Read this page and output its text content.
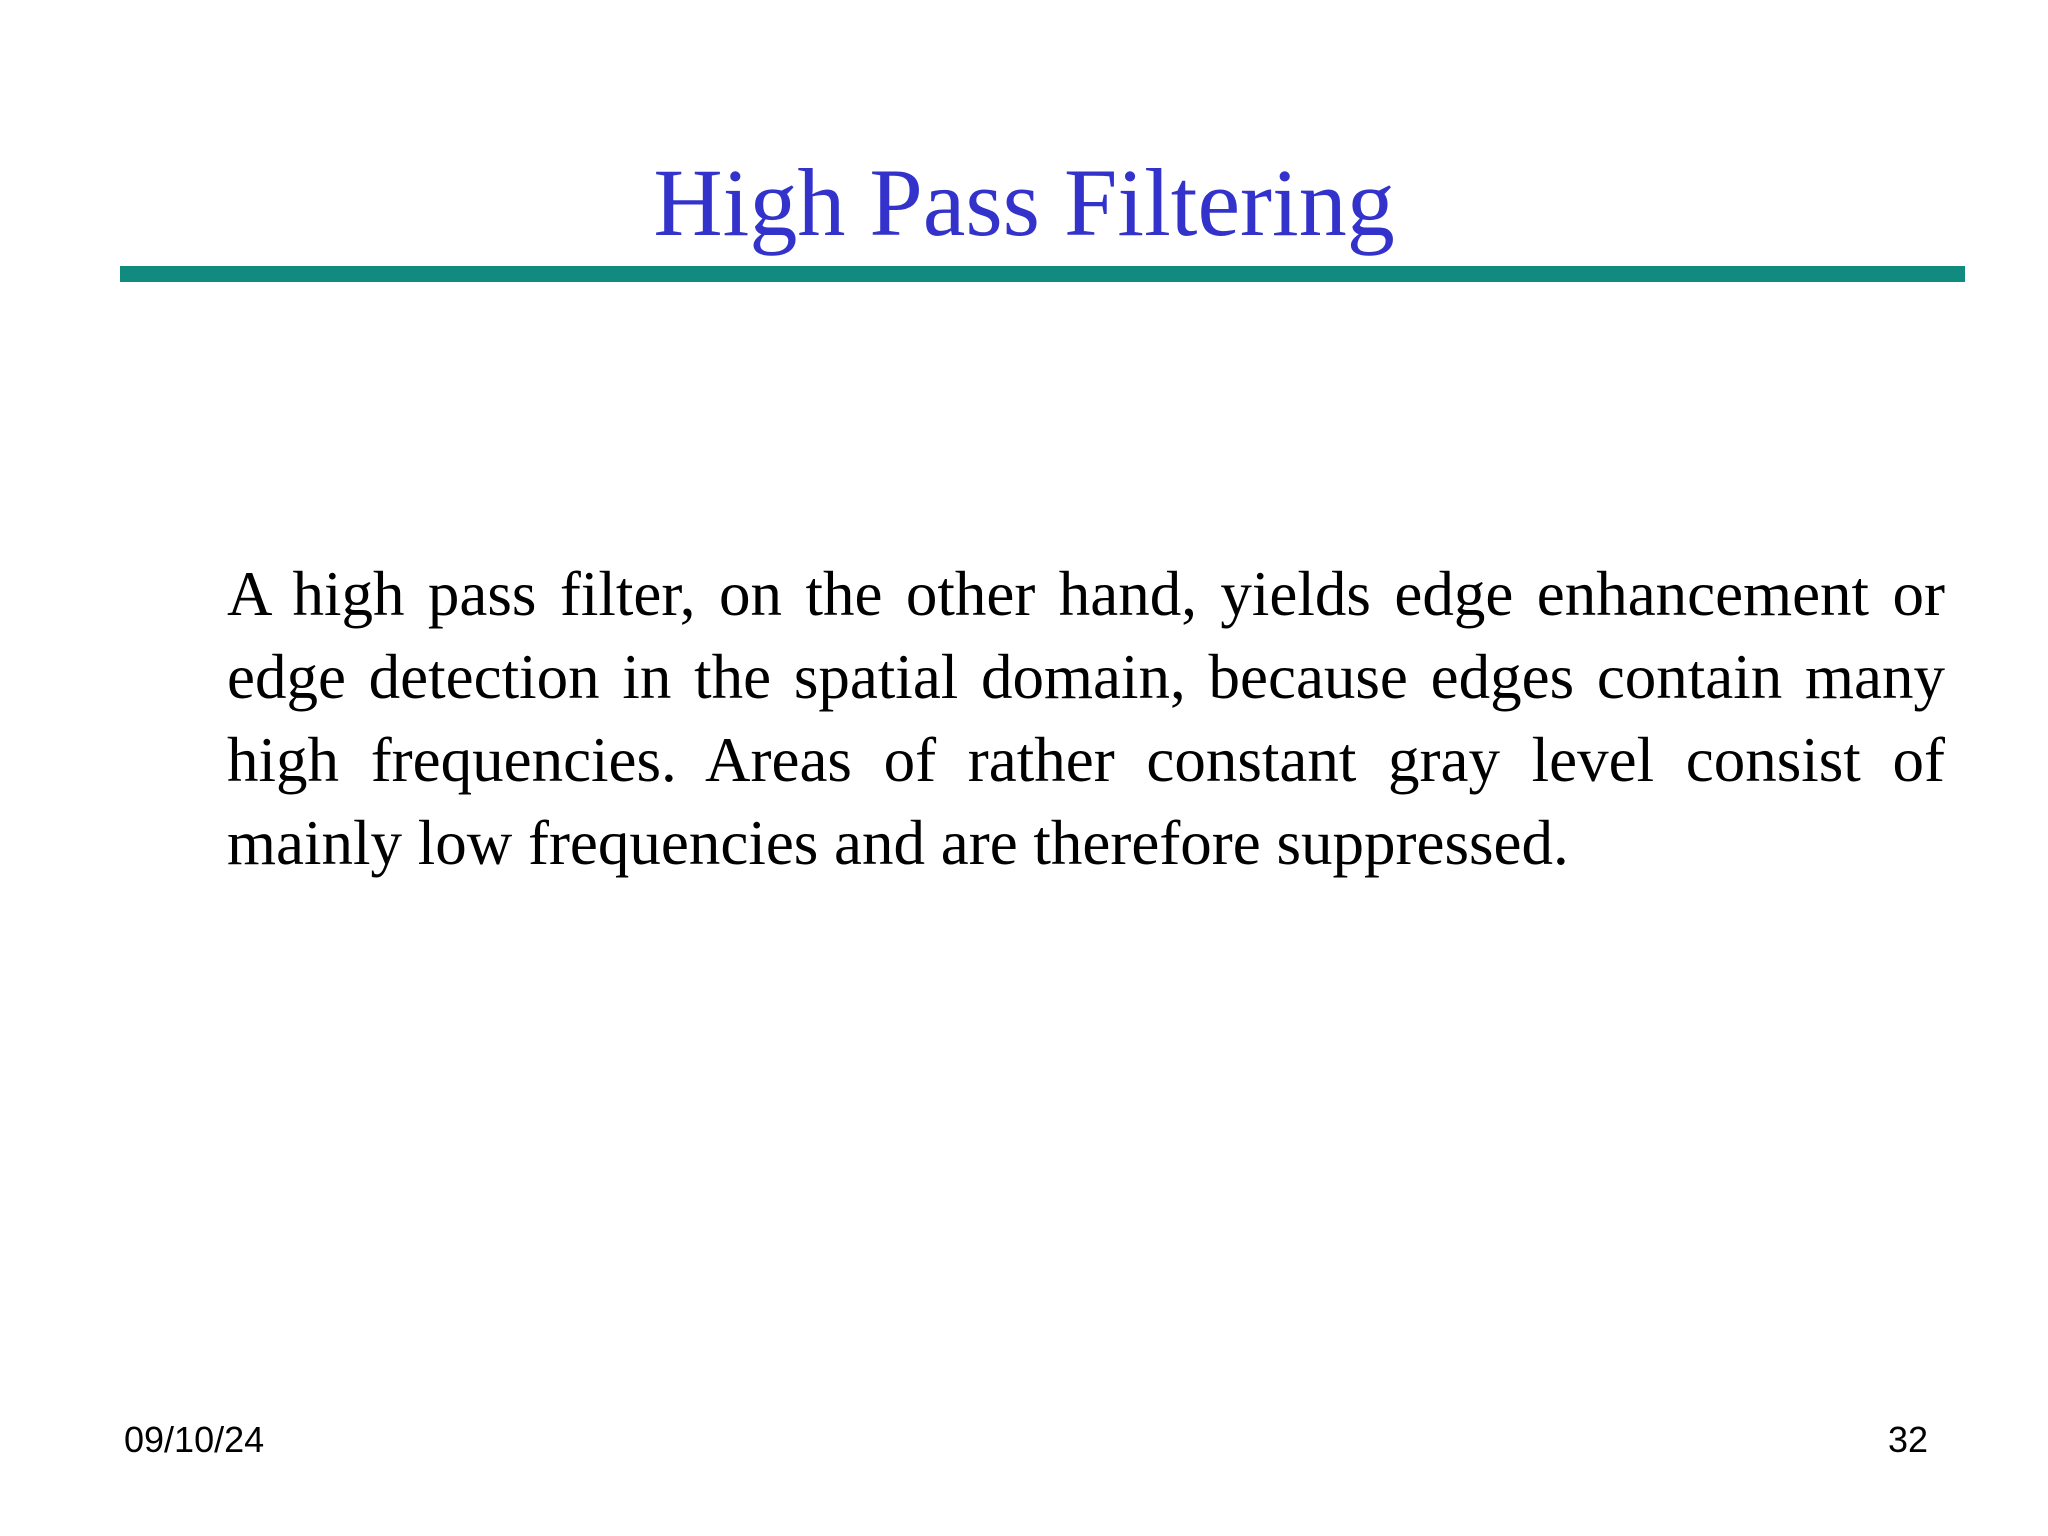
High Pass Filtering
A high pass filter, on the other hand, yields edge enhancement or edge detection in the spatial domain, because edges contain many high frequencies. Areas of rather constant gray level consist of mainly low frequencies and are therefore suppressed.
09/10/24	32
